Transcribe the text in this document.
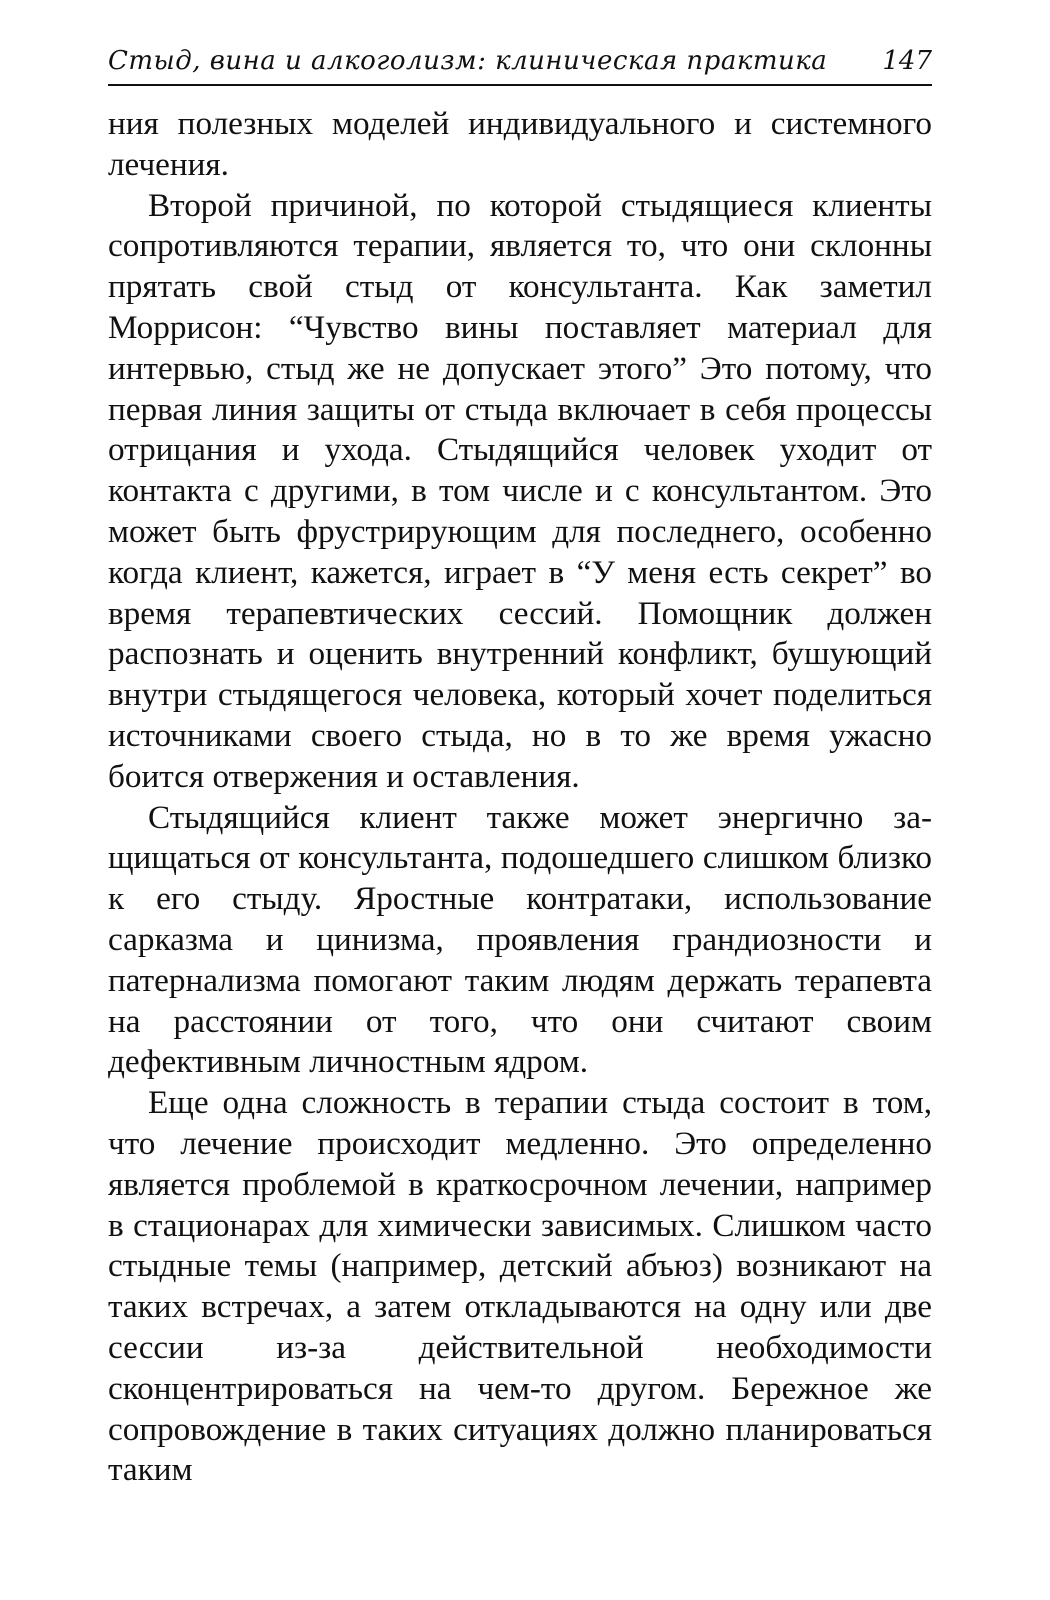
Стыд, вина и алкоголизм: клиническая практика 147

ния полезных моделей индивидуального и системного лечения.

Второй причиной, по которой стыдящиеся клиенты сопротивляются терапии, является то, что они склонны прятать свой стыд от консультанта. Как заметил Моррисон: “Чувство вины поставляет материал для интервью, стыд же не допускает этого” Это потому, что первая линия защиты от стыда включает в себя процессы отрицания и ухода. Стыдящийся человек уходит от контакта с другими, в том числе и с консультантом. Это может быть фрустрирующим для последнего, особенно когда клиент, кажется, играет в “У меня есть секрет” во время терапевтических сессий. Помощник должен распознать и оценить внутренний конфликт, бушующий внутри стыдящегося человека, который хочет поделиться источниками своего стыда, но в то же время ужасно боится отвержения и оставления.

Стыдящийся клиент также может энергично защищаться от консультанта, подошедшего слишком близко к его стыду. Яростные контратаки, использование сарказма и цинизма, проявления грандиозности и патернализма помогают таким людям держать терапевта на расстоянии от того, что они считают своим дефективным личностным ядром.

Еще одна сложность в терапии стыда состоит в том, что лечение происходит медленно. Это определенно является проблемой в краткосрочном лечении, например в стационарах для химически зависимых. Слишком часто стыдные темы (например, детский абъюз) возникают на таких встречах, а затем откладываются на одну или две сессии из-за действительной необходимости сконцентрироваться на чем-то другом. Бережное же сопровождение в таких ситуациях должно планироваться таким
